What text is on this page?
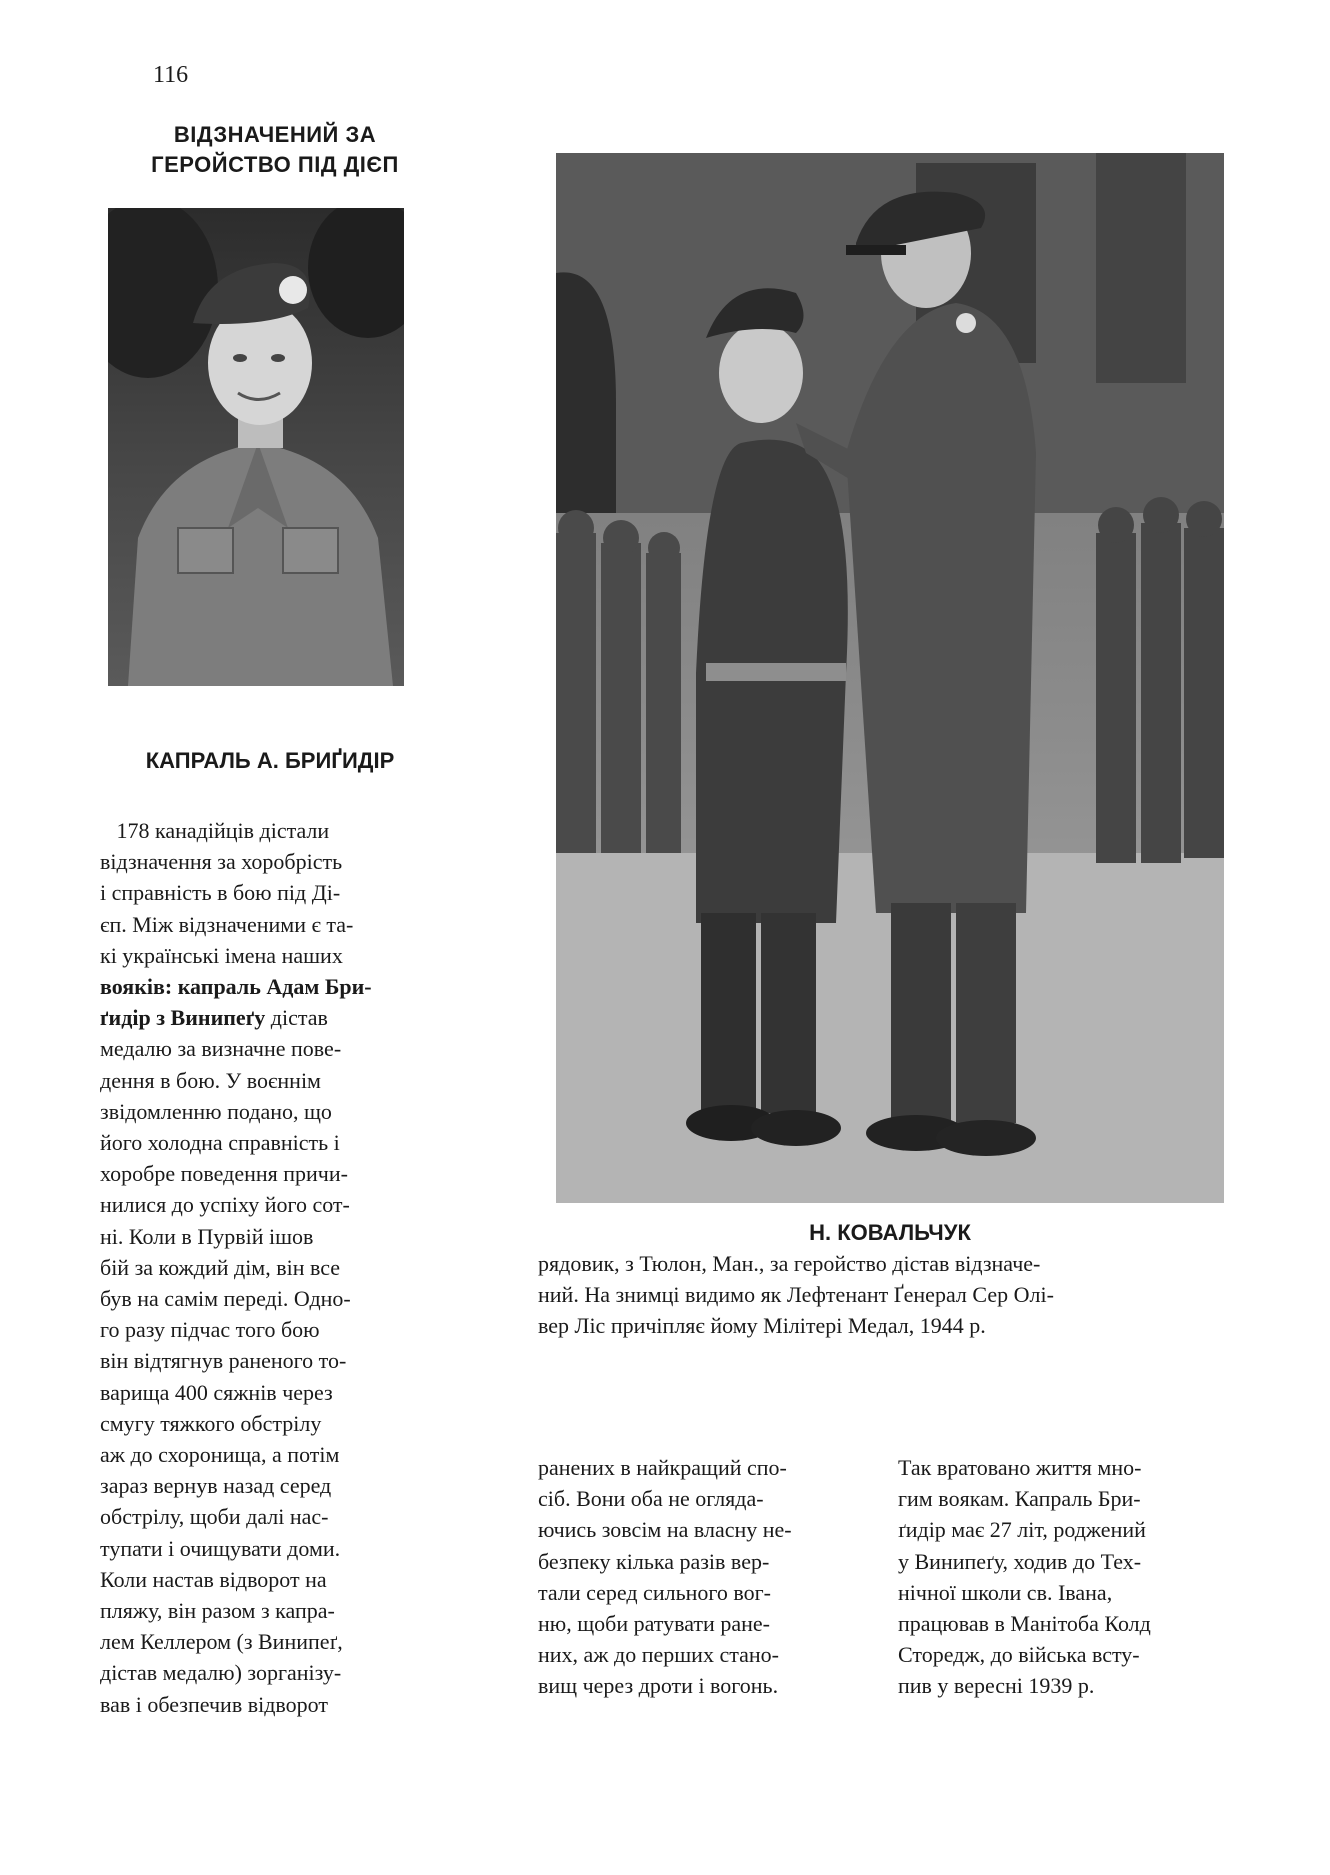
116
ВІДЗНАЧЕНИЙ ЗА
ГЕРОЙСТВО ПІД ДІЄП
КАПРАЛЬ А. БРИҐИДІР
Н. КОВАЛЬЧУК
рядовик, з Тюлон, Ман., за геройство дістав відзначе-
ний. На знимці видимо як Лефтенант Ґенерал Сер Олі-
вер Ліс причіпляє йому Мілітері Медал, 1944 р.
178 канадійців дістали
відзначення за хоробрість
і справність в бою під Ді-
єп. Між відзначеними є та-
кі українські імена наших
вояків: капраль Адам Бри-
ґидір з Винипеґу дістав
медалю за визначне пове-
дення в бою. У воєннім
звідомленню подано, що
його холодна справність і
хоробре поведення причи-
нилися до успіху його сот-
ні. Коли в Пурвій ішов
бій за кождий дім, він все
був на самім переді. Одно-
го разу підчас того бою
він відтягнув раненого то-
варища 400 сяжнів через
смугу тяжкого обстрілу
аж до схоронища, а потім
зараз вернув назад серед
обстрілу, щоби далі нас-
тупати і очищувати доми.
Коли настав відворот на
пляжу, він разом з капра-
лем Келлером (з Винипеґ,
дістав медалю) зорганізу-
вав і обезпечив відворот
ранених в найкращий спо-
сіб. Вони оба не огляда-
ючись зовсім на власну не-
безпеку кілька разів вер-
тали серед сильного вог-
ню, щоби ратувати ране-
них, аж до перших стано-
вищ через дроти і вогонь.
Так вратовано життя мно-
гим вoякам. Капраль Бри-
ґидір має 27 літ, роджений
у Винипеґу, ходив до Тех-
нічної школи св. Івана,
працював в Манітоба Колд
Сторедж, до війська всту-
пив у вересні 1939 р.
